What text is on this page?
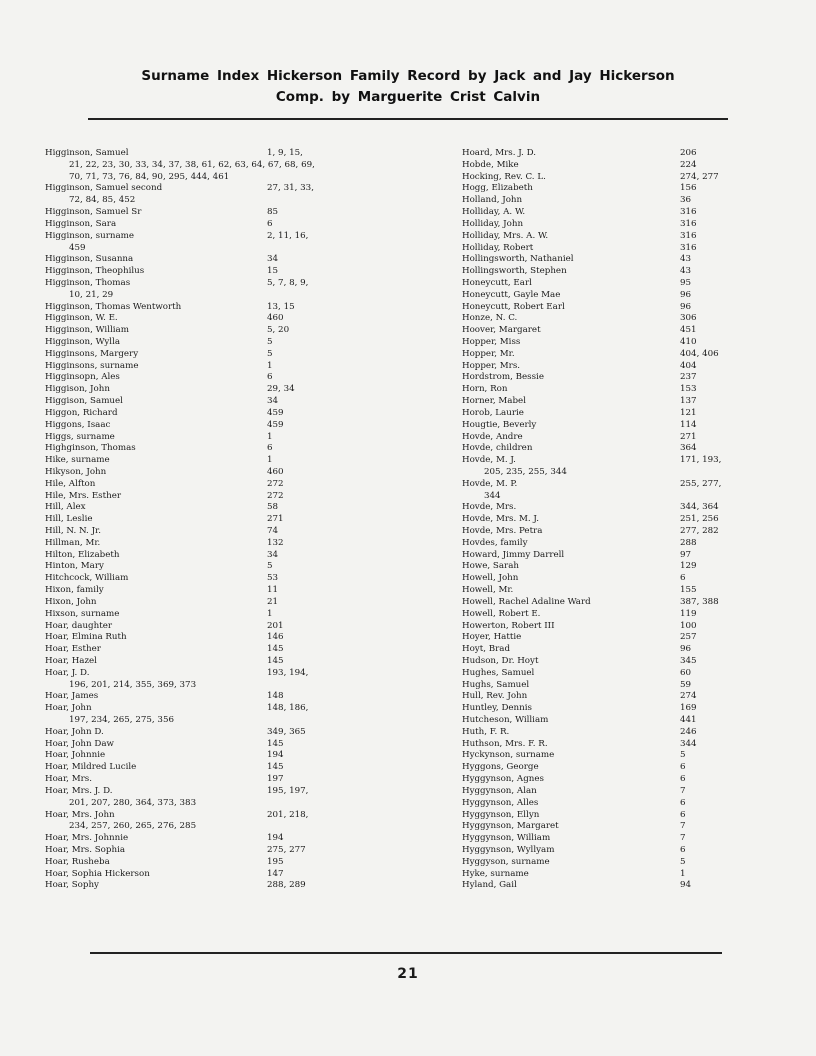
Surname Index Hickerson Family Record by Jack and Jay Hickerson
Comp. by Marguerite Crist Calvin
Higginson, Samuel	1, 9, 15,
21, 22, 23, 30, 33, 34, 37, 38, 61, 62, 63, 64, 67, 68, 69,
70, 71, 73, 76, 84, 90, 295, 444, 461
Higginson, Samuel second	27, 31, 33,
72, 84, 85, 452
Higginson, Samuel Sr	85
Higginson, Sara	6
Higginson, surname	2, 11, 16,
459
Higginson, Susanna	34
Higginson, Theophilus	15
Higginson, Thomas	5, 7, 8, 9,
10, 21, 29
Higginson, Thomas Wentworth	13, 15
Higginson, W. E.	460
Higginson, William	5, 20
Higginson, Wylla	5
Higginsons, Margery	5
Higginsons, surname	1
Higginsopn, Ales	6
Higgison, John	29, 34
Higgison, Samuel	34
Higgon, Richard	459
Higgons, Isaac	459
Higgs, surname	1
Highginson, Thomas	6
Hike, surname	1
Hikyson, John	460
Hile, Alfton	272
Hile, Mrs. Esther	272
Hill, Alex	58
Hill, Leslie	271
Hill, N. N. Jr.	74
Hillman, Mr.	132
Hilton, Elizabeth	34
Hinton, Mary	5
Hitchcock, William	53
Hixon, family	11
Hixon, John	21
Hixson, surname	1
Hoar, daughter	201
Hoar, Elmina Ruth	146
Hoar, Esther	145
Hoar, Hazel	145
Hoar, J. D.	193, 194,
196, 201, 214, 355, 369, 373
Hoar, James	148
Hoar, John	148, 186,
197, 234, 265, 275, 356
Hoar, John D.	349, 365
Hoar, John Daw	145
Hoar, Johnnie	194
Hoar, Mildred Lucile	145
Hoar, Mrs.	197
Hoar, Mrs. J. D.	195, 197,
201, 207, 280, 364, 373, 383
Hoar, Mrs. John	201, 218,
234, 257, 260, 265, 276, 285
Hoar, Mrs. Johnnie	194
Hoar, Mrs. Sophia	275, 277
Hoar, Rusheba	195
Hoar, Sophia Hickerson	147
Hoar, Sophy	288, 289
Hoard, Mrs. J. D.	206
Hobde, Mike	224
Hocking, Rev. C. L.	274, 277
Hogg, Elizabeth	156
Holland, John	36
Holliday, A. W.	316
Holliday, John	316
Holliday, Mrs. A. W.	316
Holliday, Robert	316
Hollingsworth, Nathaniel	43
Hollingsworth, Stephen	43
Honeycutt, Earl	95
Honeycutt, Gayle Mae	96
Honeycutt, Robert Earl	96
Honze, N. C.	306
Hoover, Margaret	451
Hopper, Miss	410
Hopper, Mr.	404, 406
Hopper, Mrs.	404
Hordstrom, Bessie	237
Horn, Ron	153
Horner, Mabel	137
Horob, Laurie	121
Hougtie, Beverly	114
Hovde, Andre	271
Hovde, children	364
Hovde, M. J.	171, 193,
205, 235, 255, 344
Hovde, M. P.	255, 277,
344
Hovde, Mrs.	344, 364
Hovde, Mrs. M. J.	251, 256
Hovde, Mrs. Petra	277, 282
Hovdes, family	288
Howard, Jimmy Darrell	97
Howe, Sarah	129
Howell, John	6
Howell, Mr.	155
Howell, Rachel Adaline Ward	387, 388
Howell, Robert E.	119
Howerton, Robert III	100
Hoyer, Hattie	257
Hoyt, Brad	96
Hudson, Dr. Hoyt	345
Hughes, Samuel	60
Hughs, Samuel	59
Hull, Rev. John	274
Huntley, Dennis	169
Hutcheson, William	441
Huth, F. R.	246
Huthson, Mrs. F. R.	344
Hyckynson, surname	5
Hyggons, George	6
Hyggynson, Agnes	6
Hyggynson, Alan	7
Hyggynson, Alles	6
Hyggynson, Ellyn	6
Hyggynson, Margaret	7
Hyggynson, William	7
Hyggynson, Wyllyam	6
Hyggyson, surname	5
Hyke, surname	1
Hyland, Gail	94
21
